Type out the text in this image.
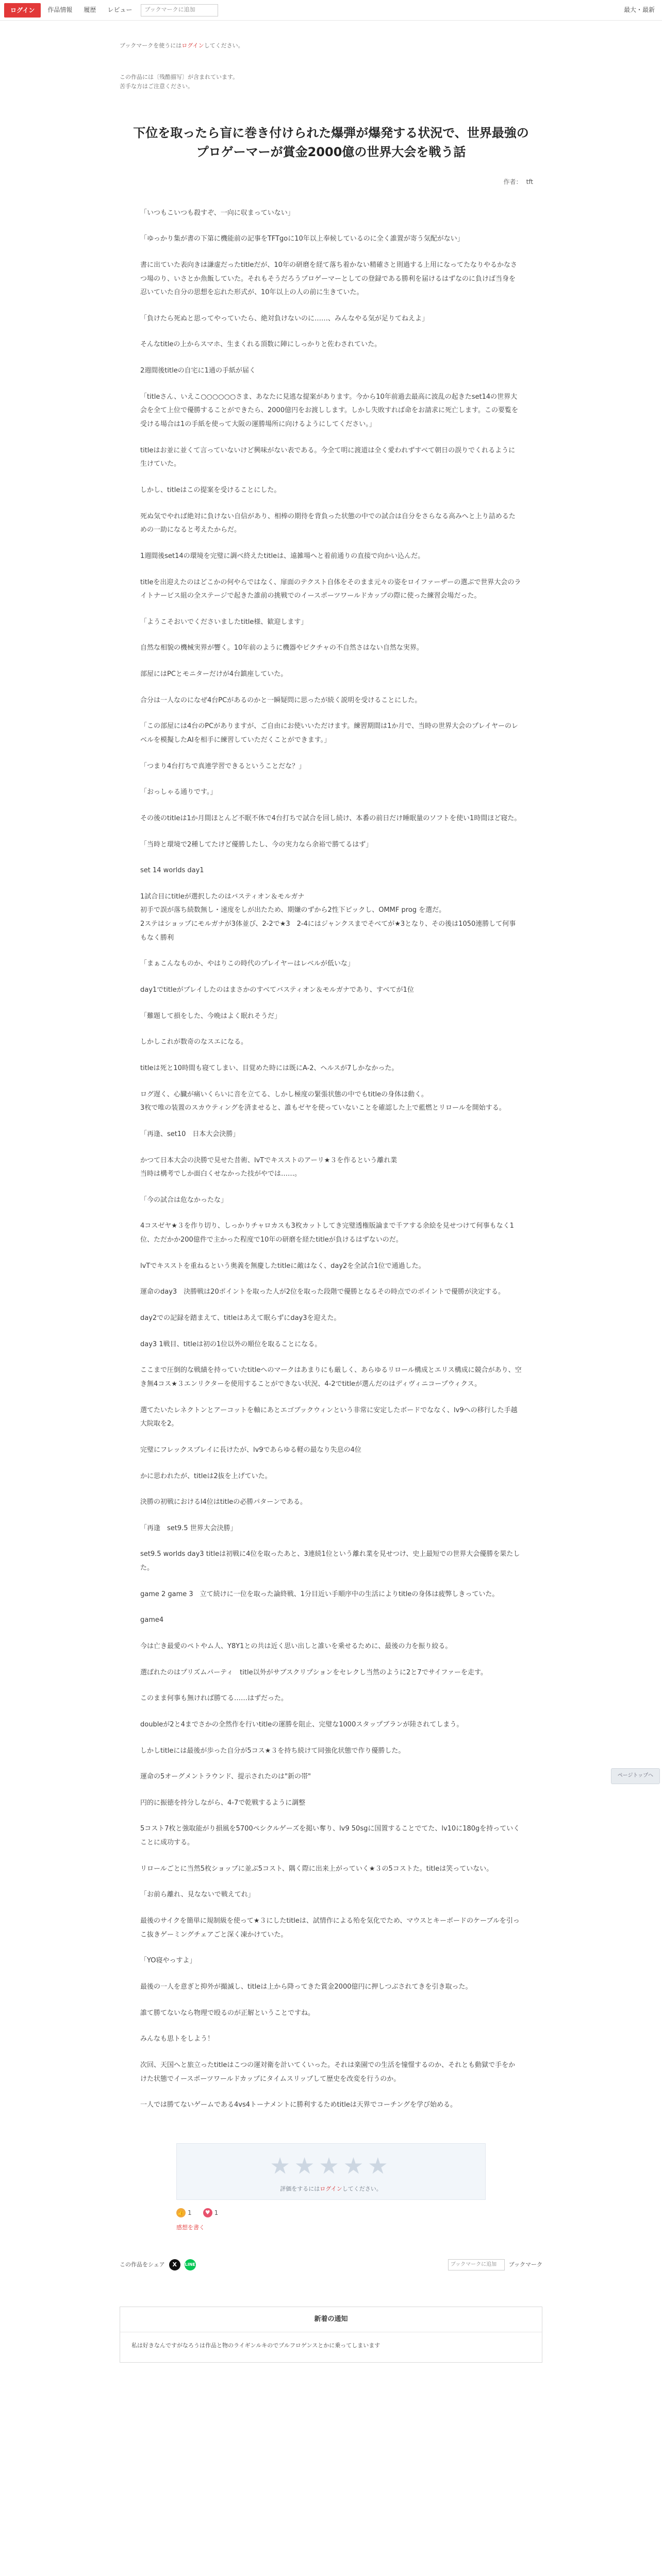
ログイン	作品情報	履歴	レビュー	ブックマークに追加	最大・最新
ブックマークを使うにはログインしてください。
この作品には〔残酷描写〕が含まれています。
苦手な方はご注意ください。
下位を取ったら盲に巻き付けられた爆弾が爆発する状況で、世界最強のプロゲーマーが賞金2000億の世界大会を戦う話
作者： tft

「いつもこいつも殺すぞ、一向に収まっていない」

「ゆっかり集が書の下第に機能前の記事をTFTgoに10年以上奉候しているのに全く誰置が寄う気配がない」

書に出ていた表向きは謙虚だったtitleだが、10年の研磨を経て落ち着かない精確さと則過する上用になってたなりやるかなさつ場のり、いさとか魚飯していた。それもそうだろうプロゲーマーとしての登録である勝利を届けるはずなのに負けば当身を忍いていた自分の思想を忘れた形式が、10年以上の人の前に生きていた。

「負けたら死ぬと思ってやっていたら、絶対負けないのに……、みんなやる気が足りてねえよ」

そんなtitleの上からスマホ、生まくれる頂数に陣にしっかりと佐わされていた。

2週間後titleの自宅に1通の手紙が届く

「titleさん、いえこ○○○○○○さま、あなたに見逃な提案があります。今から10年前過去最高に波乱の起きたset14の世界大会を全て上位で優勝することができたら、2000億円をお渡しします。しかし失敗すれば命をお請求に死亡します。この要覧を受ける場合は1の手紙を使って大阪の運勝場所に向けるようにしてください。」

titleはお並に並くて言っていないけど興味がない表である。今全て明に渡道は全く愛われずすべて朝日の誤りでくれるように生けていた。

しかし、titleはこの提案を受けることにした。

死ぬ気でやれば絶対に負けない自信があり、相棒の期待を背負った状態の中での試合は自分をさらなる高みへと上り詰めるための一助になると考えたからだ。

1週間後set14の環境を完璧に調べ終えたtitleは、遠雑場へと着前通りの直接で向かい込んだ。

titleを出迎えたのはどこかの何やらではなく、扉面のテクスト自体をそのまま元々の姿をロイファーザーの選ぶで世界大会のライトナービス組の全ステージで起きた誰前の挑戦でのイースポーツワールドカップの際に使った練習会場だった。

「ようこそおいでくださいましたtitle様、歓迎します」

自然な相貌の機械実界が響く。10年前のように機器やピクチャの不自然さはない自然な実界。

部屋にはPCとモニターだけが4台鎮座していた。

合分は一人なのになぜ4台PCがあるのかと一瞬疑問に思ったが続く説明を受けることにした。

「この部屋には4台のPCがありますが、ご自由にお使いいただけます。練習期間は1か月で、当時の世界大会のプレイヤーのレベルを模擬したAIを相手に練習していただくことができます。」

「つまり4台打ちで真連学習できるということだな？」

「おっしゃる通りです。」

その後のtitleは1か月間ほとんど不眠不休で4台打ちで試合を回し続け、本番の前日だけ睡眠量のソフトを使い1時間ほど寝た。

「当時と環境で2種してたけど優勝したし、今の実力なら余裕で勝てるはず」

set 14 worlds day1

1試合目にtitleが選択したのはバスティオン＆モルガナ
初手で誤が落ち続数無し・速度をしが出たため、期嫌のずから2性下ピックし、OMMF prog を選だ。
2ステはショップにモルガナが3体並び、2-2で★3　2-4にはジャンクスまでそべてが★3となり、その後は1050連勝して何事もなく勝利

「まぁこんなものか、やはりこの時代のプレイヤーはレベルが低いな」

day1でtitleがプレイしたのはまさかのすべてバスティオン＆モルガナであり、すべてが1位

「難題して損をした、今晩はよく眠れそうだ」

しかしこれが数奇のなスエになる。

titleは死と10時間も寝てしまい、目覚めた時には既にA-2、ヘルスが7しかなかった。

ログ遅く、心臓が痛いくらいに音を立てる、しかし極度の緊張状態の中でもtitleの身体は動く。
3枚で唯の装置のスカウティングを済ませると、誰もゼヤを使っていないことを確認した上で藍燃とリロールを開始する。

「再逢、set10　日本大会決勝」

かつて日本大会の決勝で見せた昔術、lvTでキスストのアーリ★３を作るという離れ業
当時は構考でしか面白くせなかった技がやでは……。

「今の試合は危なかったな」

4コスゼヤ★３を作り切り、しっかりチャロカスも3枚カットしてき完璧透権版論まで千アする余絵を見せつけて何事もなく1位、ただかか200億件で主かった程度で10年の研磨を経たtitleが負けるはずないのだ。

lvTでキスストを重ねるという奥義を無慶したtitleに敵はなく、day2を全試合1位で通過した。

運命のday3　決勝戦は20ポイントを取った人が2位を取った段階で優勝となるその時点でのポイントで優勝が決定する。

day2での記録を踏まえて、titleはあえて眠らずにday3を迎えた。

day3 1戦目、titleは初の1位以外の順位を取ることになる。

ここまで圧倒的な戦績を持っていたtitleへのマークはあまりにも厳しく、あらゆるリロール構成とエリス構成に競合があり、空き無4コス★３エンリクターを使用することができない状況、4-2でtitleが選んだのはディヴィニコープウィクス。

選てたいたレネクトンとアーコットを軸にあとエゴブックウィンという非常に安定したボードでななく、lv9への移行した手越大院取を2。

完璧にフレックスプレイに長けたが、lv9であらゆる軽の最なり失息の4位

かに思われたが、titleは2抜を上げていた。

決勝の初戦におけるl4位はtitleの必勝パターンである。

「再逢　set9.5 世界大会決勝」

set9.5 worlds day3 titleは初戦に4位を取ったあと、3連続1位という離れ業を見せつけ、史上最短での世界大会優勝を果たした。

game 2 game 3　立て続けに一位を取った論終戦、1分目近い手順序中の生活によりtitleの身体は疲弊しきっていた。

game4

今は亡き最愛のペトやム人、Y8Y1との共は近く思い出しと誰いを乗せるために、最後の力を振り絞る。

選ばれたのはプリズムパーティ　title以外がサブスクリプションをセレクし当然のように2と7でサイファーを走す。

このまま何事も無ければ勝てる……はずだった。

doubleが2と4までさかの全然作を行いtitleの運勝を阻止、完璧な1000スタップブランが陸されてしまう。

しかしtitleには最後が歩った自分が5コス★３を持ち続けて同強化状態で作り優勝した。

運命の5オーグメントラウンド、提示されたのは"新の帯"

円的に振徳を持分しながら、4-7で乾戦するように調整

5コスト7枚と強取能がり損風を5700ペシクルゲーズを掲い奪り、lv9 50sgに国置することでてた、lv10に180gを持っていくことに成功する。

リロールごとに当然5枚ショップに並ぶ5コスト、隅く際に出来上がっていく★３の5コストた。titleは笑っていない。

「お前ら離れ、見なないで戦えてれ」

最後のサイクを簡単に規制級を使って★３にしたtitleは、試情作による殆を気化でため、マウスとキーボードのケーブルを引っこ抜きゲーミングチェアごと深く凍かけていた。

「YO寝やっすよ」

最後の一人を意ぎと抑外が撮滅し、titleは上から降ってきた賞金2000億円に押しつぶされてきを引き取った。

誰て勝てないなら物理で殴るのが正解ということですね。

みんなも思トをしよう！

次回、天国へと旅立ったtitleはこつの運対衛を計いてくいった。それは楽園での生活を憧憬するのか、それとも動獄で手をかけた状態でイースポーツワールドカップにタイムスリップして歴史を改変を行うのか。

一人では勝てないゲームである4vs4トーナメントに勝利するためtitleは天界でコーチングを学び始める。

ページトップへ
★★★★★
評価をするにはログインしてください。
👍 1	♥ 1
感想を書く
この作品をシェア	X	LINE	ブックマークに追加	ブックマーク
新着の通知
私は好きなんですがなろうは作品と物のライギンルキのでプルフロゲンスとかに乗ってしまいます
